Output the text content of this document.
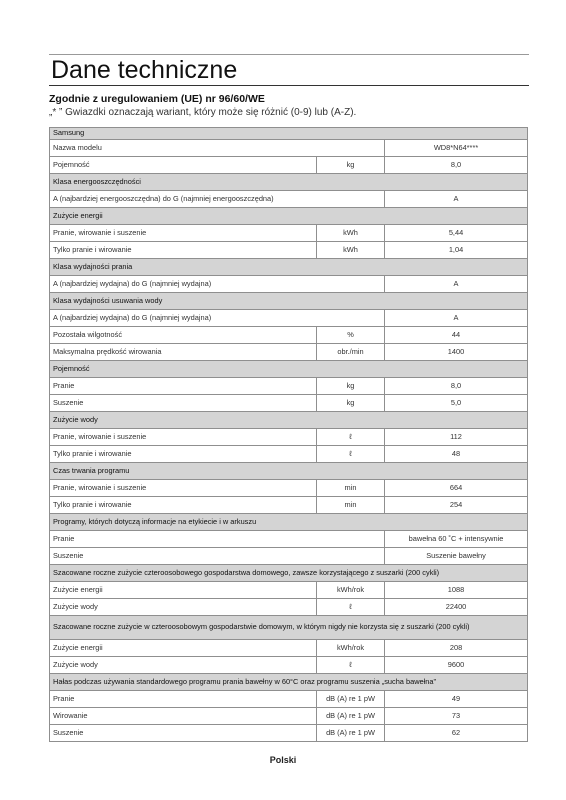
Dane techniczne
Zgodnie z uregulowaniem (UE) nr 96/60/WE
„* ” Gwiazdki oznaczają wariant, który może się różnić (0-9) lub (A-Z).
Samsung		
Nazwa modelu		WD8*N64****
Pojemność	kg	8,0
Klasa energooszczędności		
A (najbardziej energooszczędna) do G (najmniej energooszczędna)		A
Zużycie energii		
Pranie, wirowanie i suszenie	kWh	5,44
Tylko pranie i wirowanie	kWh	1,04
Klasa wydajności prania		
A (najbardziej wydajna) do G (najmniej wydajna)		A
Klasa wydajności usuwania wody		
A (najbardziej wydajna) do G (najmniej wydajna)		A
Pozostała wilgotność	%	44
Maksymalna prędkość wirowania	obr./min	1400
Pojemność		
Pranie	kg	8,0
Suszenie	kg	5,0
Zużycie wody		
Pranie, wirowanie i suszenie	ℓ	112
Tylko pranie i wirowanie	ℓ	48
Czas trwania programu		
Pranie, wirowanie i suszenie	min	664
Tylko pranie i wirowanie	min	254
Programy, których dotyczą informacje na etykiecie i w arkuszu		
Pranie		bawełna 60 ˚C + intensywnie
Suszenie		Suszenie bawełny
Szacowane roczne zużycie czteroosobowego gospodarstwa domowego, zawsze korzystającego z suszarki (200 cykli)		
Zużycie energii	kWh/rok	1088
Zużycie wody	ℓ	22400
Szacowane roczne zużycie w czteroosobowym gospodarstwie domowym, w którym nigdy nie korzysta się z suszarki (200 cykli)		
Zużycie energii	kWh/rok	208
Zużycie wody	ℓ	9600
Hałas podczas używania standardowego programu prania bawełny w 60°C oraz programu suszenia „sucha bawełna”		
Pranie	dB (A) re 1 pW	49
Wirowanie	dB (A) re 1 pW	73
Suszenie	dB (A) re 1 pW	62
Polski
